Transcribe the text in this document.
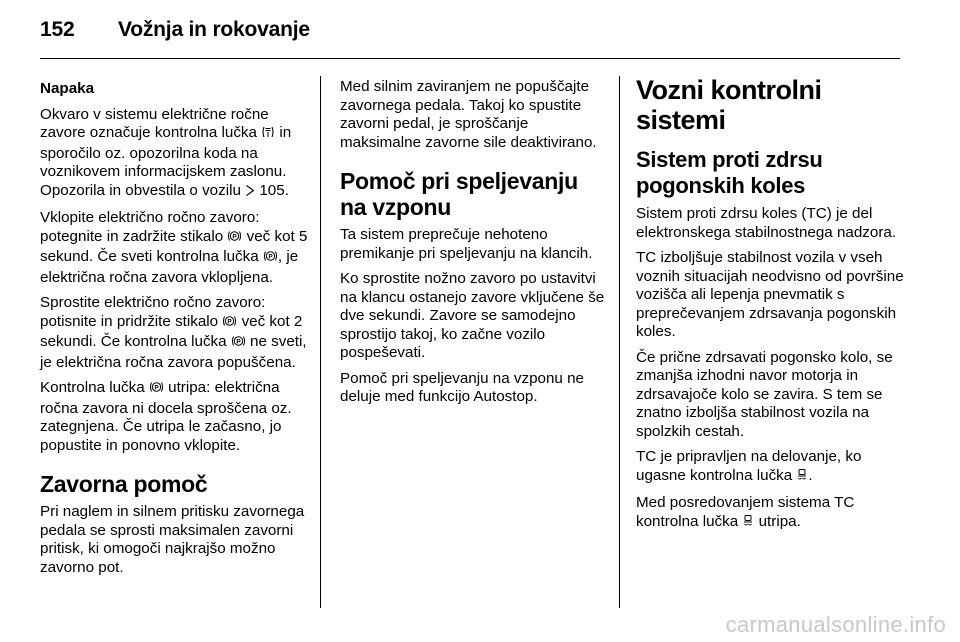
152 Vožnja in rokovanje

Napaka

Okvaro v sistemu električne ročne zavore označuje kontrolna lučka  in sporočilo oz. opozorilna koda na voznikovem informacijskem zaslonu. Opozorila in obvestila o vozilu  105.

Vklopite električno ročno zavoro: potegnite in zadržite stikalo P več kot 5 sekund. Če sveti kontrolna lučka P , je električna ročna zavora vklopljena.

Sprostite električno ročno zavoro: potisnite in pridržite stikalo P več kot 2 sekundi. Če kontrolna lučka P ne sveti, je električna ročna zavora popuščena.

Kontrolna lučka P utripa: električna ročna zavora ni docela sproščena oz. zategnjena. Če utripa le začasno, jo popustite in ponovno vklopite.

Zavorna pomoč

Pri naglem in silnem pritisku zavornega pedala se sprosti maksimalen zavorni pritisk, ki omogoči najkrajšo možno zavorno pot.

Med silnim zaviranjem ne popuščajte zavornega pedala. Takoj ko spustite zavorni pedal, je sproščanje maksimalne zavorne sile deaktivirano.

Pomoč pri speljevanju na vzponu

Ta sistem preprečuje nehoteno premikanje pri speljevanju na klancih.

Ko sprostite nožno zavoro po ustavitvi na klancu ostanejo zavore vključene še dve sekundi. Zavore se samodejno sprostijo takoj, ko začne vozilo pospeševati.

Pomoč pri speljevanju na vzponu ne deluje med funkcijo Autostop.

Vozni kontrolni sistemi
Sistem proti zdrsu pogonskih koles

Sistem proti zdrsu koles (TC) je del elektronskega stabilnostnega nadzora.

TC izboljšuje stabilnost vozila v vseh voznih situacijah neodvisno od površine vozišča ali lepenja pnevmatik s preprečevanjem zdrsavanja pogonskih koles.

Če prične zdrsavati pogonsko kolo, se zmanjša izhodni navor motorja in zdrsavajoče kolo se zavira. S tem se znatno izboljša stabilnost vozila na spolzkih cestah.

TC je pripravljen na delovanje, ko ugasne kontrolna lučka .

Med posredovanjem sistema TC kontrolna lučka  utripa.

carmanualsonline.info
